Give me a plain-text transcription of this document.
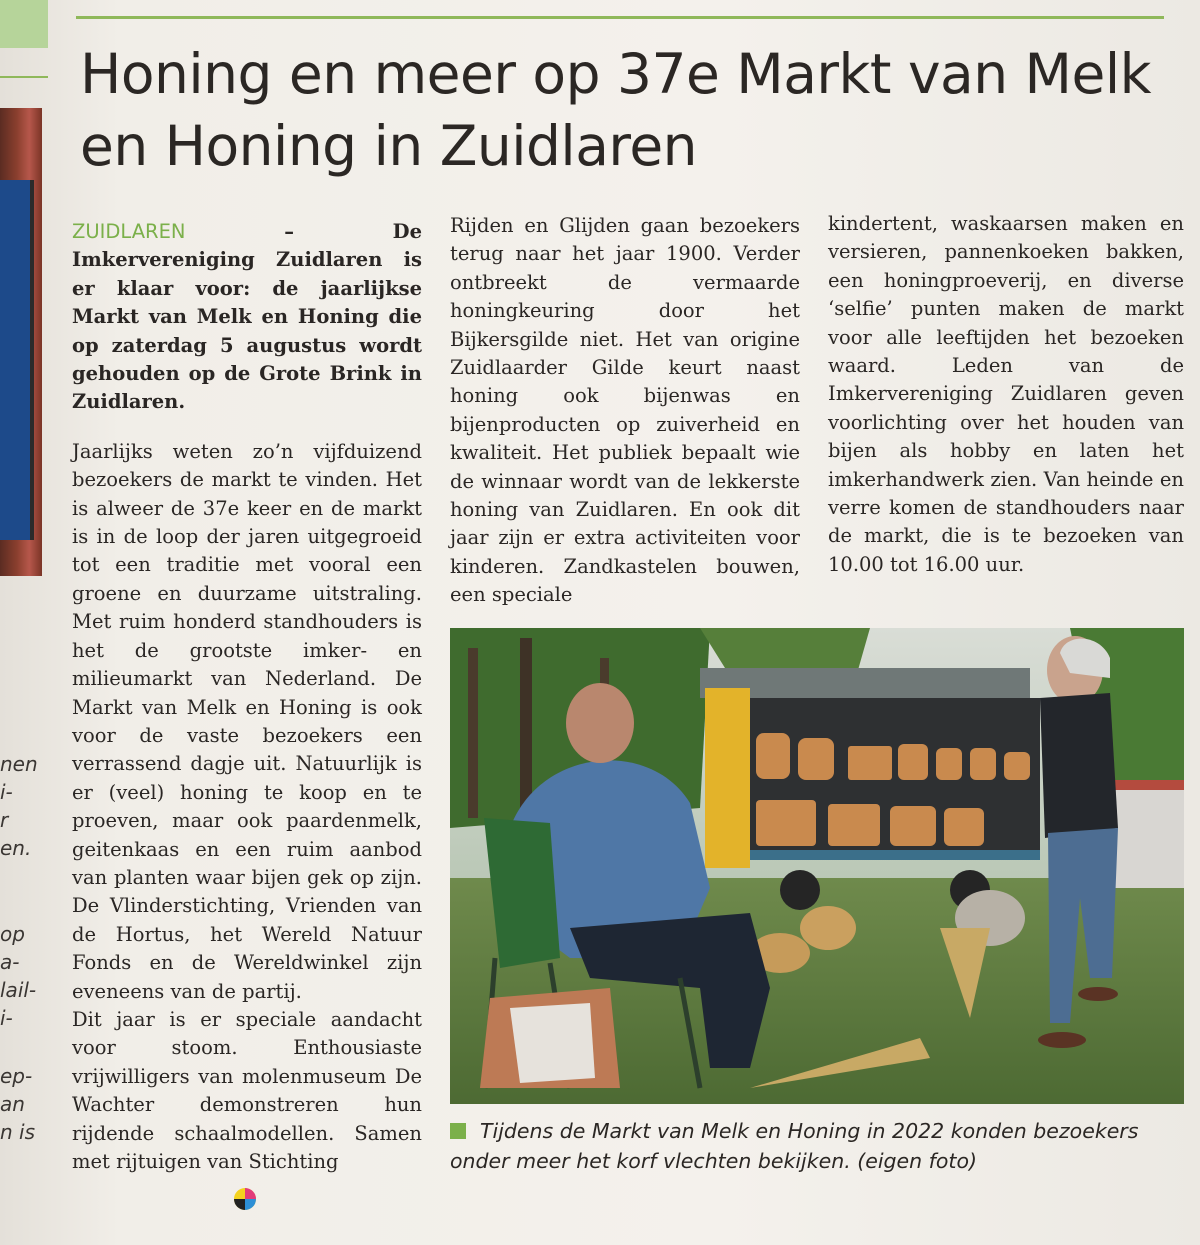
nen
i-
r
en.
op
a-
lail-
i-
ep-
an
n is
Honing en meer op 37e Markt van Melk en Honing in Zuidlaren

ZUIDLAREN – De Imkervereniging Zuidlaren is er klaar voor: de jaarlijkse Markt van Melk en Honing die op zaterdag 5 augustus wordt gehouden op de Grote Brink in Zuidlaren.

Jaarlijks weten zo’n vijfduizend bezoekers de markt te vinden. Het is alweer de 37e keer en de markt is in de loop der jaren uitgegroeid tot een traditie met vooral een groene en duurzame uitstraling. Met ruim honderd standhouders is het de grootste imker- en milieumarkt van Nederland. De Markt van Melk en Honing is ook voor de vaste bezoekers een verrassend dagje uit. Natuurlijk is er (veel) honing te koop en te proeven, maar ook paardenmelk, geitenkaas en een ruim aanbod van planten waar bijen gek op zijn. De Vlinderstichting, Vrienden van de Hortus, het Wereld Natuur Fonds en de Wereldwinkel zijn eveneens van de partij.

Dit jaar is er speciale aandacht voor stoom. Enthousiaste vrijwilligers van molenmuseum De Wachter demonstreren hun rijdende schaalmodellen. Samen met rijtuigen van Stichting

Rijden en Glijden gaan bezoekers terug naar het jaar 1900. Verder ontbreekt de vermaarde honingkeuring door het Bijkersgilde niet. Het van origine Zuidlaarder Gilde keurt naast honing ook bijenwas en bijenproducten op zuiverheid en kwaliteit. Het publiek bepaalt wie de winnaar wordt van de lekkerste honing van Zuidlaren. En ook dit jaar zijn er extra activiteiten voor kinderen. Zandkastelen bouwen, een speciale

kindertent, waskaarsen maken en versieren, pannenkoeken bakken, een honingproeverij, en diverse ‘selfie’ punten maken de markt voor alle leeftijden het bezoeken waard. Leden van de Imkervereniging Zuidlaren geven voorlichting over het houden van bijen als hobby en laten het imkerhandwerk zien. Van heinde en verre komen de standhouders naar de markt, die is te bezoeken van 10.00 tot 16.00 uur.

Tijdens de Markt van Melk en Honing in 2022 konden bezoekers onder meer het korf vlechten bekijken. (eigen foto)
